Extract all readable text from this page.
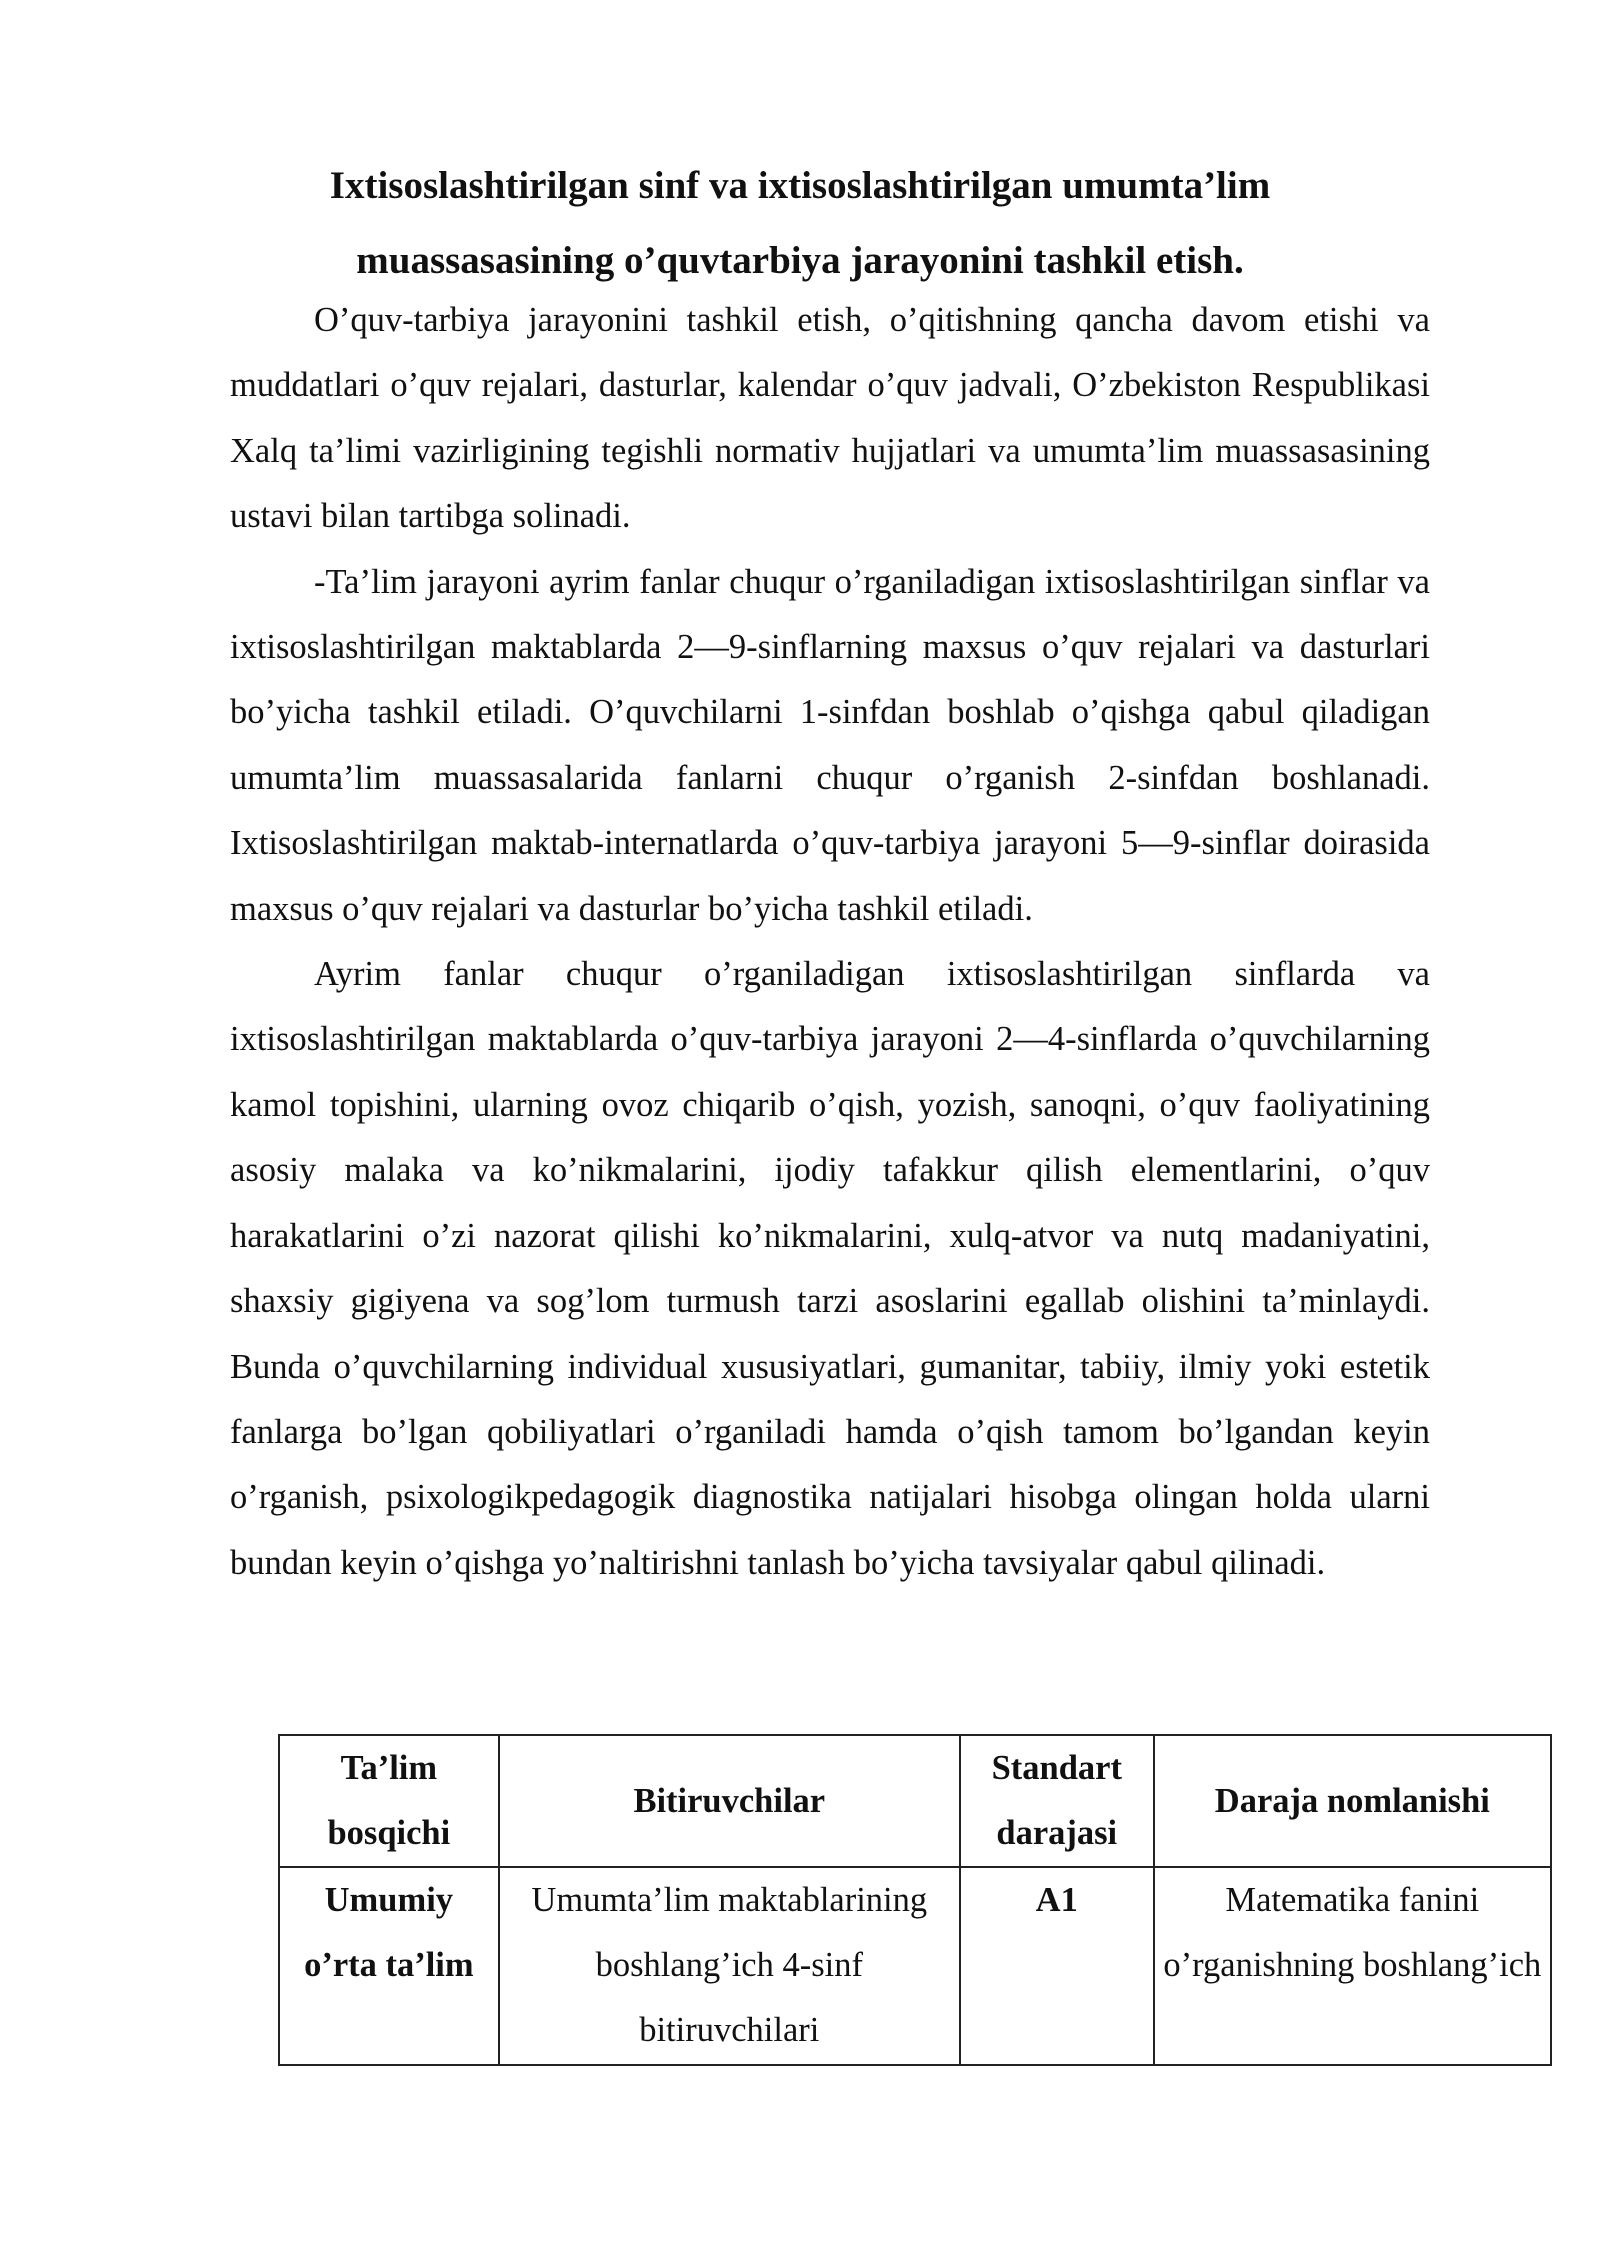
Ixtisoslashtirilgan sinf va ixtisoslashtirilgan umumta’lim muassasasining o’quvtarbiya jarayonini tashkil etish.

O’quv-tarbiya jarayonini tashkil etish, o’qitishning qancha davom etishi va muddatlari o’quv rejalari, dasturlar, kalendar o’quv jadvali, O’zbekiston Respublikasi Xalq ta’limi vazirligining tegishli normativ hujjatlari va umumta’lim muassasasining ustavi bilan tartibga solinadi.

-Ta’lim jarayoni ayrim fanlar chuqur o’rganiladigan ixtisoslashtirilgan sinflar va ixtisoslashtirilgan maktablarda 2—9-sinflarning maxsus o’quv rejalari va dasturlari bo’yicha tashkil etiladi. O’quvchilarni 1-sinfdan boshlab o’qishga qabul qiladigan umumta’lim muassasalarida fanlarni chuqur o’rganish 2-sinfdan boshlanadi. Ixtisoslashtirilgan maktab-internatlarda o’quv-tarbiya jarayoni 5—9-sinflar doirasida maxsus o’quv rejalari va dasturlar bo’yicha tashkil etiladi.

Ayrim fanlar chuqur o’rganiladigan ixtisoslashtirilgan sinflarda va ixtisoslashtirilgan maktablarda o’quv-tarbiya jarayoni 2—4-sinflarda o’quvchilarning kamol topishini, ularning ovoz chiqarib o’qish, yozish, sanoqni, o’quv faoliyatining asosiy malaka va ko’nikmalarini, ijodiy tafakkur qilish elementlarini, o’quv harakatlarini o’zi nazorat qilishi ko’nikmalarini, xulq-atvor va nutq madaniyatini, shaxsiy gigiyena va sog’lom turmush tarzi asoslarini egallab olishini ta’minlaydi. Bunda o’quvchilarning individual xususiyatlari, gumanitar, tabiiy, ilmiy yoki estetik fanlarga bo’lgan qobiliyatlari o’rganiladi hamda o’qish tamom bo’lgandan keyin o’rganish, psixologikpedagogik diagnostika natijalari hisobga olingan holda ularni bundan keyin o’qishga yo’naltirishni tanlash bo’yicha tavsiyalar qabul qilinadi.

Ta’lim bosqichi	Bitiruvchilar	Standart darajasi	Daraja nomlanishi
Umumiy o’rta ta’lim	Umumta’lim maktablarining boshlang’ich 4-sinf bitiruvchilari	A1	Matematika fanini o’rganishning boshlang’ich
